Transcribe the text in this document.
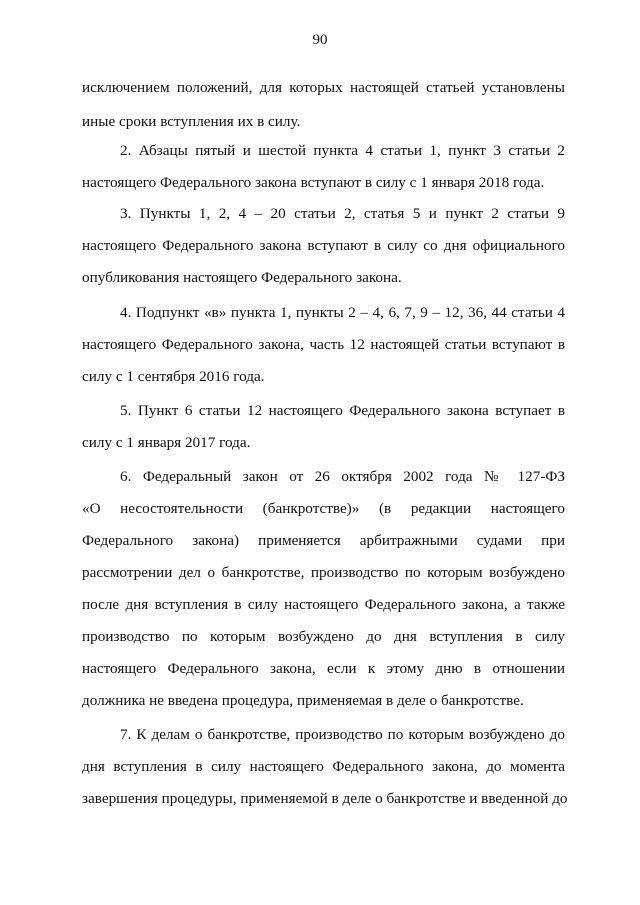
90
исключением положений, для которых настоящей статьей установлены
иные сроки вступления их в силу.
2. Абзацы пятый и шестой пункта 4 статьи 1, пункт 3 статьи 2
настоящего Федерального закона вступают в силу с 1 января 2018 года.
3. Пункты 1, 2, 4 – 20 статьи 2, статья 5 и пункт 2 статьи 9
настоящего Федерального закона вступают в силу со дня официального
опубликования настоящего Федерального закона.
4. Подпункт «в» пункта 1, пункты 2 – 4, 6, 7, 9 – 12, 36, 44 статьи 4
настоящего Федерального закона, часть 12 настоящей статьи вступают в
силу с 1 сентября 2016 года.
5. Пункт 6 статьи 12 настоящего Федерального закона вступает в
силу с 1 января 2017 года.
6. Федеральный закон от 26 октября 2002 года № 127-ФЗ
«О несостоятельности (банкротстве)» (в редакции настоящего
Федерального закона) применяется арбитражными судами при
рассмотрении дел о банкротстве, производство по которым возбуждено
после дня вступления в силу настоящего Федерального закона, а также
производство по которым возбуждено до дня вступления в силу
настоящего Федерального закона, если к этому дню в отношении
должника не введена процедура, применяемая в деле о банкротстве.
7. К делам о банкротстве, производство по которым возбуждено до
дня вступления в силу настоящего Федерального закона, до момента
завершения процедуры, применяемой в деле о банкротстве и введенной до
